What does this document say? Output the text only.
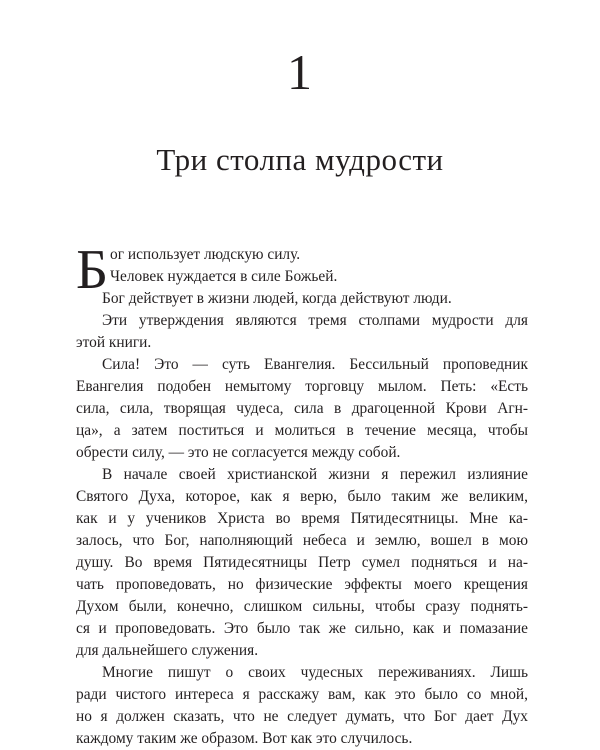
1
Три столпа мудрости
Б ог использует людскую силу.
Человек нуждается в силе Божьей.
Бог действует в жизни людей, когда действуют люди.
Эти утверждения являются тремя столпами мудрости для
этой книги.
Сила! Это — суть Евангелия. Бессильный проповедник
Евангелия подобен немытому торговцу мылом. Петь: «Есть
сила, сила, творящая чудеса, сила в драгоценной Крови Агн-
ца», а затем поститься и молиться в течение месяца, чтобы
обрести силу, — это не согласуется между собой.
В начале своей христианской жизни я пережил излияние
Святого Духа, которое, как я верю, было таким же великим,
как и у учеников Христа во время Пятидесятницы. Мне ка-
залось, что Бог, наполняющий небеса и землю, вошел в мою
душу. Во время Пятидесятницы Петр сумел подняться и на-
чать проповедовать, но физические эффекты моего крещения
Духом были, конечно, слишком сильны, чтобы сразу поднять-
ся и проповедовать. Это было так же сильно, как и помазание
для дальнейшего служения.
Многие пишут о своих чудесных переживаниях. Лишь
ради чистого интереса я расскажу вам, как это было со мной,
но я должен сказать, что не следует думать, что Бог дает Дух
каждому таким же образом. Вот как это случилось.
